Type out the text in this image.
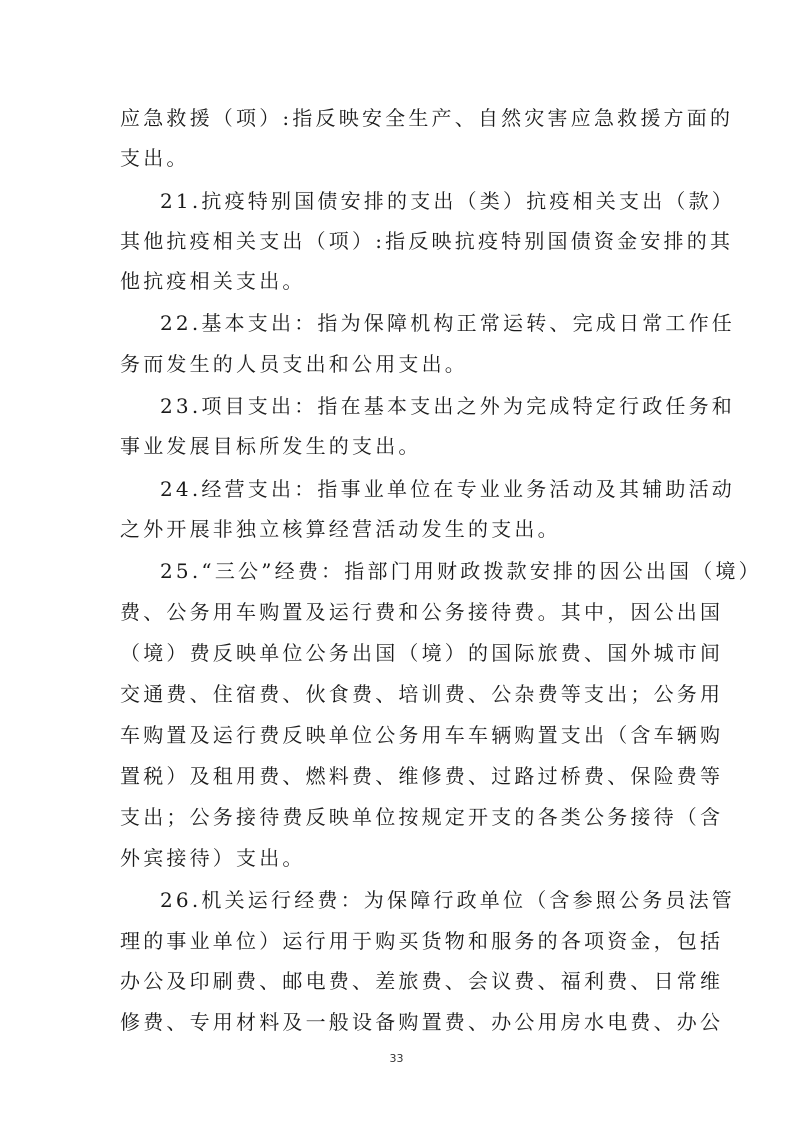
应急救援（项）:指反映安全生产、自然灾害应急救援方面的
支出。
21.抗疫特别国债安排的支出（类）抗疫相关支出（款）
其他抗疫相关支出（项）:指反映抗疫特别国债资金安排的其
他抗疫相关支出。
22.基本支出：指为保障机构正常运转、完成日常工作任
务而发生的人员支出和公用支出。
23.项目支出：指在基本支出之外为完成特定行政任务和
事业发展目标所发生的支出。
24.经营支出：指事业单位在专业业务活动及其辅助活动
之外开展非独立核算经营活动发生的支出。
25.“三公”经费：指部门用财政拨款安排的因公出国（境）
费、公务用车购置及运行费和公务接待费。其中，因公出国
（境）费反映单位公务出国（境）的国际旅费、国外城市间
交通费、住宿费、伙食费、培训费、公杂费等支出；公务用
车购置及运行费反映单位公务用车车辆购置支出（含车辆购
置税）及租用费、燃料费、维修费、过路过桥费、保险费等
支出；公务接待费反映单位按规定开支的各类公务接待（含
外宾接待）支出。
26.机关运行经费：为保障行政单位（含参照公务员法管
理的事业单位）运行用于购买货物和服务的各项资金，包括
办公及印刷费、邮电费、差旅费、会议费、福利费、日常维
修费、专用材料及一般设备购置费、办公用房水电费、办公
33
